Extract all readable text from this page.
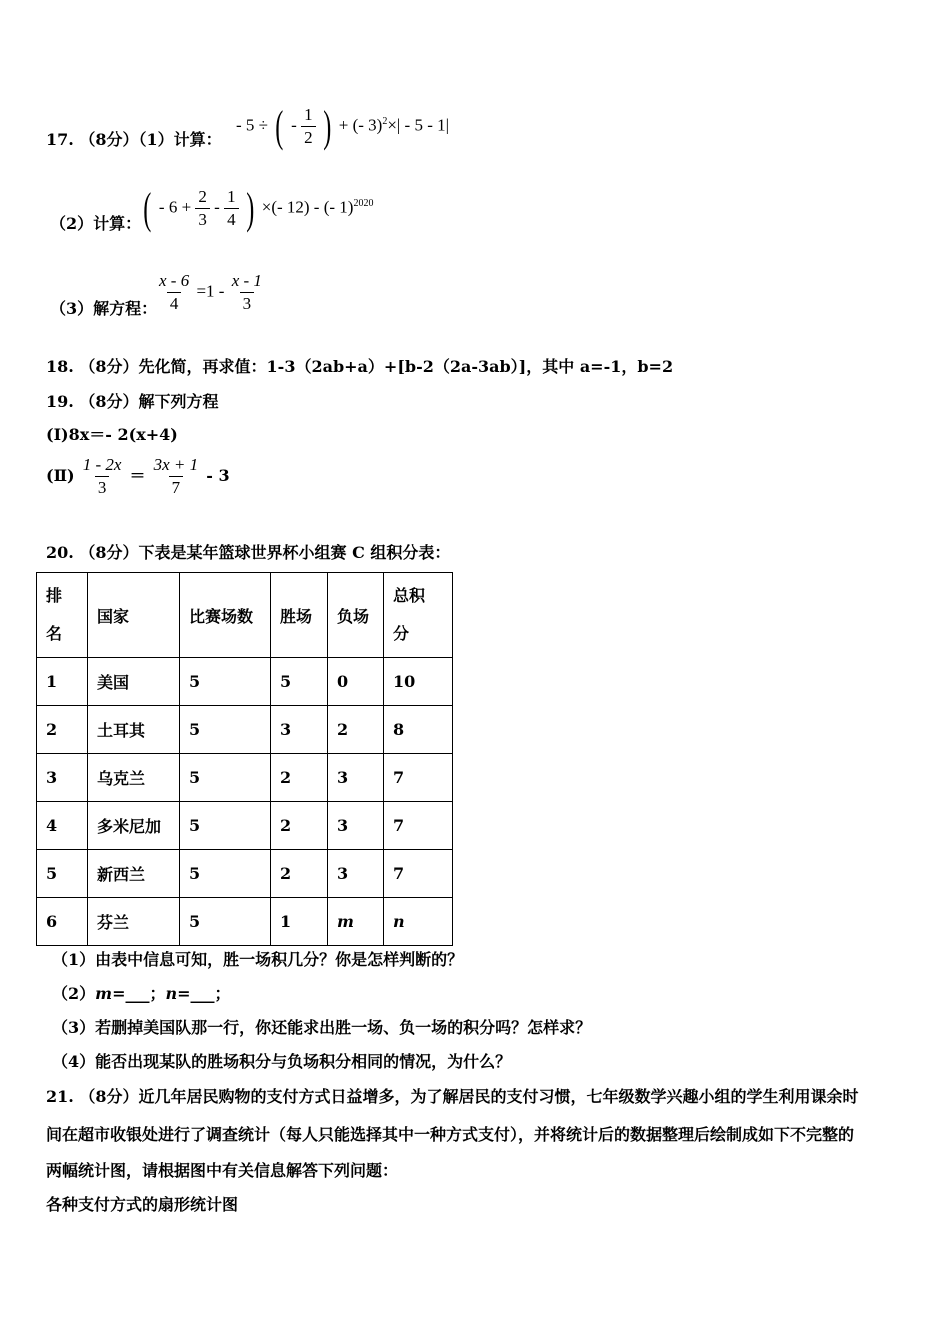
17. （8分）（1）计算：
- 5 ÷ ( - $\frac{1}{2}$ ) + (- 3)$^2$×| - 5 - 1|
（2）计算： ( - $6 + \frac{2}{3} - \frac{1}{4}$ ) ×(- 12) - (- 1)$^{2020}$
（3）解方程：
$\frac{x - 6}{4} =1 - \frac{x - 1}{3}$
18. （8分）先化简，再求值：1-3（2ab+a）+[b-2（2a-3ab）]，其中 a=-1，b=2
19. （8分）解下列方程
(Ⅰ)8x＝- 2(x+4)
(Ⅱ) $\frac{1 - 2x}{3} = \frac{3x + 1}{7} - 3$
20. （8分）下表是某年篮球世界杯小组赛 C 组积分表：
排名	国家	比赛场数	胜场	负场	总积分

1	美国	5	5	0	10
2	土耳其	5	3	2	8
3	乌克兰	5	2	3	7
4	多米尼加	5	2	3	7
5	新西兰	5	2	3	7
6	芬兰	5	1	m	n
（1）由表中信息可知，胜一场积几分？你是怎样判断的？
（2）m=___；n=___；
（3）若删掉美国队那一行，你还能求出胜一场、负一场的积分吗？怎样求？
（4）能否出现某队的胜场积分与负场积分相同的情况，为什么？
21. （8分）近几年居民购物的支付方式日益增多，为了解居民的支付习惯，七年级数学兴趣小组的学生利用课余时
间在超市收银处进行了调查统计（每人只能选择其中一种方式支付），并将统计后的数据整理后绘制成如下不完整的
两幅统计图，请根据图中有关信息解答下列问题：
各种支付方式的扇形统计图
